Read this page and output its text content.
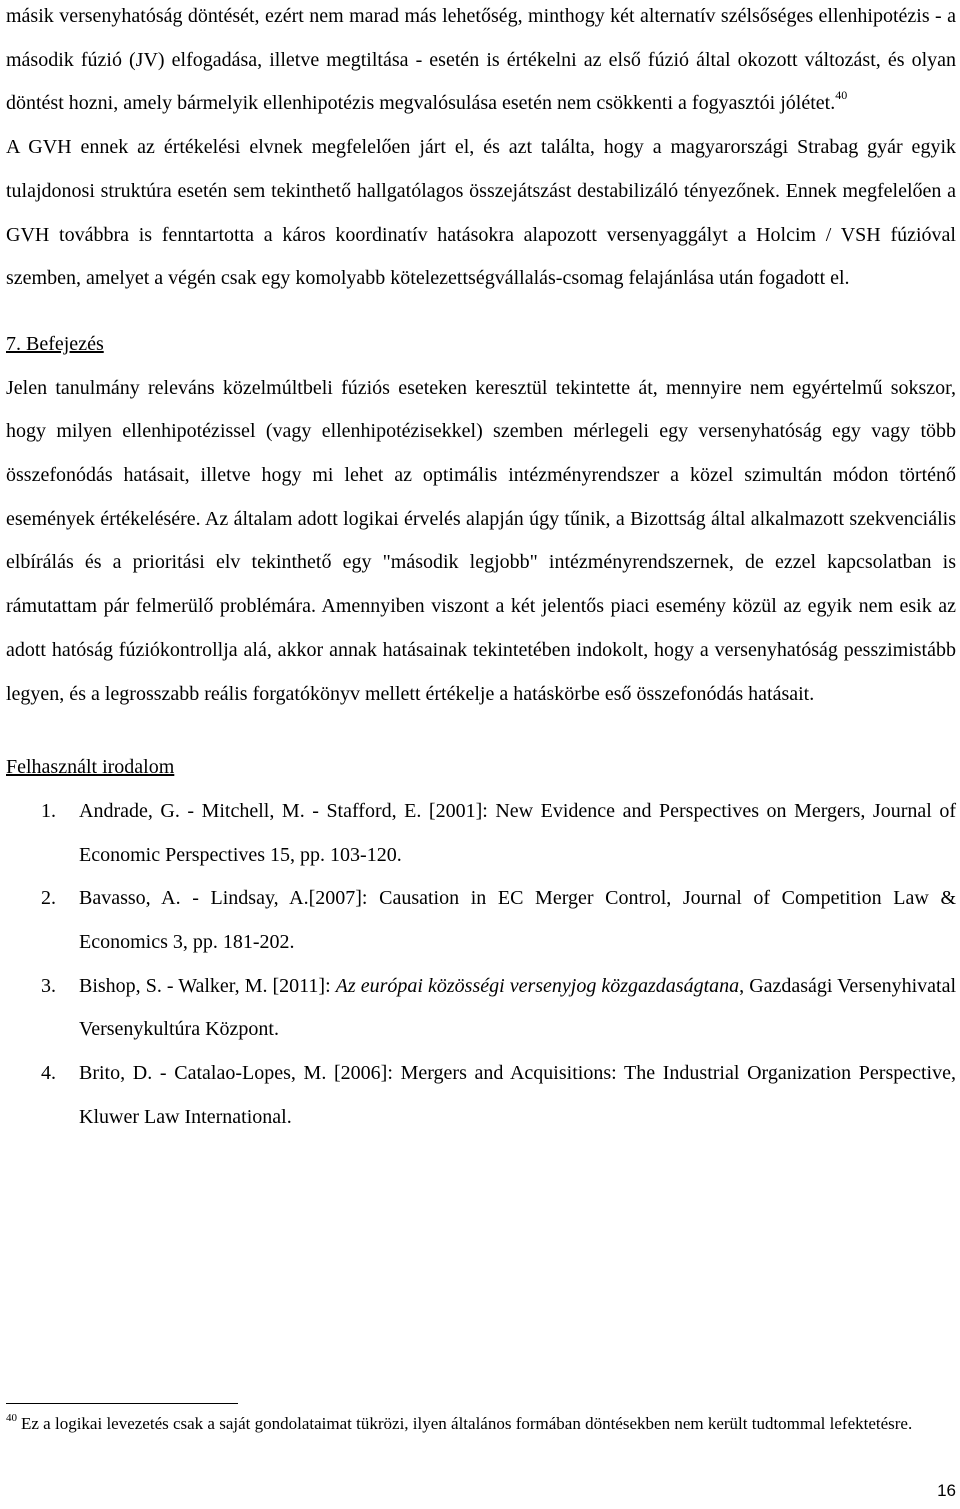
másik versenyhatóság döntését, ezért nem marad más lehetőség, minthogy két alternatív szélsőséges ellenhipotézis - a második fúzió (JV) elfogadása, illetve megtiltása - esetén is értékelni az első fúzió által okozott változást, és olyan döntést hozni, amely bármelyik ellenhipotézis megvalósulása esetén nem csökkenti a fogyasztói jólétet.$^{40}$

A GVH ennek az értékelési elvnek megfelelően járt el, és azt találta, hogy a magyarországi Strabag gyár egyik tulajdonosi struktúra esetén sem tekinthető hallgatólagos összejátszást destabilizáló tényezőnek. Ennek megfelelően a GVH továbbra is fenntartotta a káros koordinatív hatásokra alapozott versenyaggályt a Holcim / VSH fúzióval szemben, amelyet a végén csak egy komolyabb kötelezettségvállalás-csomag felajánlása után fogadott el.

7. Befejezés

Jelen tanulmány releváns közelmúltbeli fúziós eseteken keresztül tekintette át, mennyire nem egyértelmű sokszor, hogy milyen ellenhipotézissel (vagy ellenhipotézisekkel) szemben mérlegeli egy versenyhatóság egy vagy több összefonódás hatásait, illetve hogy mi lehet az optimális intézményrendszer a közel szimultán módon történő események értékelésére. Az általam adott logikai érvelés alapján úgy tűnik, a Bizottság által alkalmazott szekvenciális elbírálás és a prioritási elv tekinthető egy "második legjobb" intézményrendszernek, de ezzel kapcsolatban is rámutattam pár felmerülő problémára. Amennyiben viszont a két jelentős piaci esemény közül az egyik nem esik az adott hatóság fúziókontrollja alá, akkor annak hatásainak tekintetében indokolt, hogy a versenyhatóság pesszimistább legyen, és a legrosszabb reális forgatókönyv mellett értékelje a hatáskörbe eső összefonódás hatásait.

Felhasznált irodalom
1. Andrade, G. - Mitchell, M. - Stafford, E. [2001]: New Evidence and Perspectives on Mergers, Journal of Economic Perspectives 15, pp. 103-120.
2. Bavasso, A. - Lindsay, A.[2007]: Causation in EC Merger Control, Journal of Competition Law & Economics 3, pp. 181-202.
3. Bishop, S. - Walker, M. [2011]: Az európai közösségi versenyjog közgazdaságtana, Gazdasági Versenyhivatal Versenykultúra Központ.
4. Brito, D. - Catalao-Lopes, M. [2006]: Mergers and Acquisitions: The Industrial Organization Perspective, Kluwer Law International.
$^{40}$ Ez a logikai levezetés csak a saját gondolataimat tükrözi, ilyen általános formában döntésekben nem került tudtommal lefektetésre.
16
